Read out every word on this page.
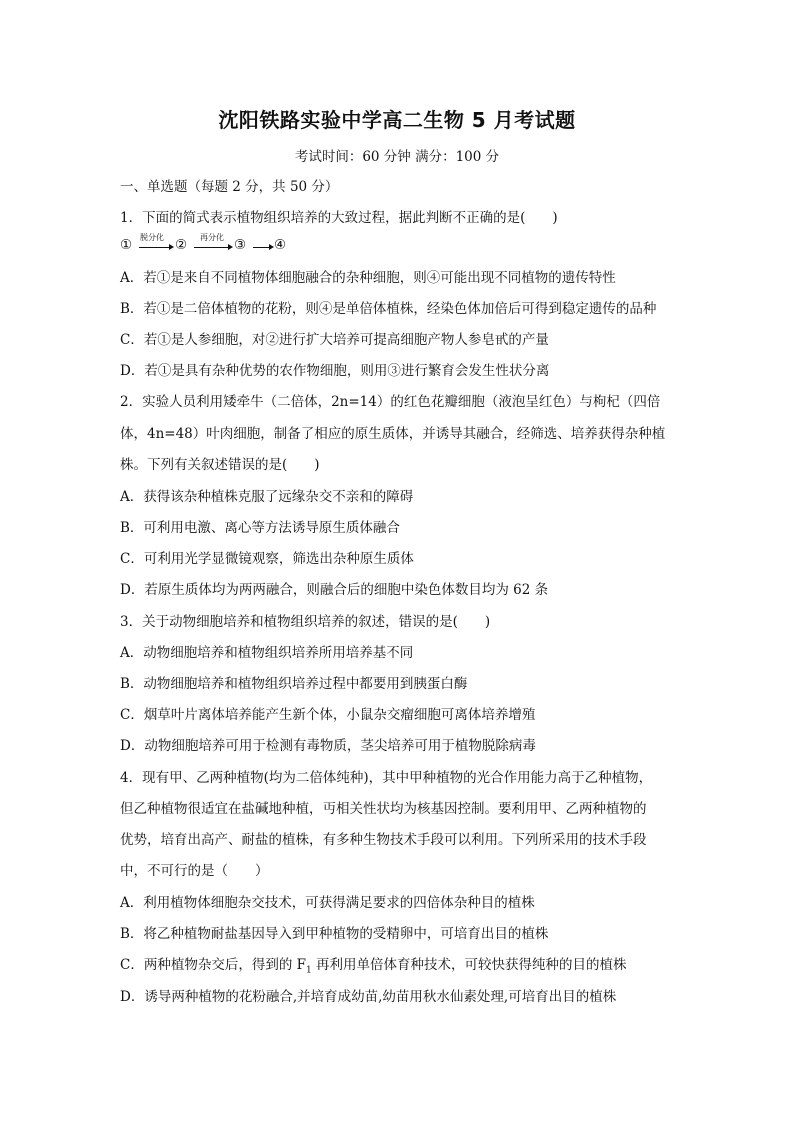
沈阳铁路实验中学高二生物 5 月考试题
考试时间：60 分钟 满分：100 分
一、单选题（每题 2 分，共 50 分）
1．下面的简式表示植物组织培养的大致过程，据此判断不正确的是(　　)
① 脱分化 ② 再分化 ③ ④
A．若①是来自不同植物体细胞融合的杂种细胞，则④可能出现不同植物的遗传特性
B．若①是二倍体植物的花粉，则④是单倍体植株，经染色体加倍后可得到稳定遗传的品种
C．若①是人参细胞，对②进行扩大培养可提高细胞产物人参皂甙的产量
D．若①是具有杂种优势的农作物细胞，则用③进行繁育会发生性状分离
2．实验人员利用矮牵牛（二倍体，2n=14）的红色花瓣细胞（液泡呈红色）与枸杞（四倍
体，4n=48）叶肉细胞，制备了相应的原生质体，并诱导其融合，经筛选、培养获得杂种植
株。下列有关叙述错误的是(　　)
A．获得该杂种植株克服了远缘杂交不亲和的障碍
B．可利用电激、离心等方法诱导原生质体融合
C．可利用光学显微镜观察，筛选出杂种原生质体
D．若原生质体均为两两融合，则融合后的细胞中染色体数目均为 62 条
3．关于动物细胞培养和植物组织培养的叙述，错误的是(　　)
A．动物细胞培养和植物组织培养所用培养基不同
B．动物细胞培养和植物组织培养过程中都要用到胰蛋白酶
C．烟草叶片离体培养能产生新个体，小鼠杂交瘤细胞可离体培养增殖
D．动物细胞培养可用于检测有毒物质，茎尖培养可用于植物脱除病毒
4．现有甲、乙两种植物(均为二倍体纯种)，其中甲种植物的光合作用能力高于乙种植物，
但乙种植物很适宜在盐碱地种植，丏相关性状均为核基因控制。要利用甲、乙两种植物的
优势，培育出高产、耐盐的植株，有多种生物技术手段可以利用。下列所采用的技术手段
中，不可行的是（　　）
A．利用植物体细胞杂交技术，可获得满足要求的四倍体杂种目的植株
B．将乙种植物耐盐基因导入到甲种植物的受精卵中，可培育出目的植株
C．两种植物杂交后，得到的 $F_1$ 再利用单倍体育种技术，可较快获得纯种的目的植株
D．诱导两种植物的花粉融合,并培育成幼苗,幼苗用秋水仙素处理,可培育出目的植株
